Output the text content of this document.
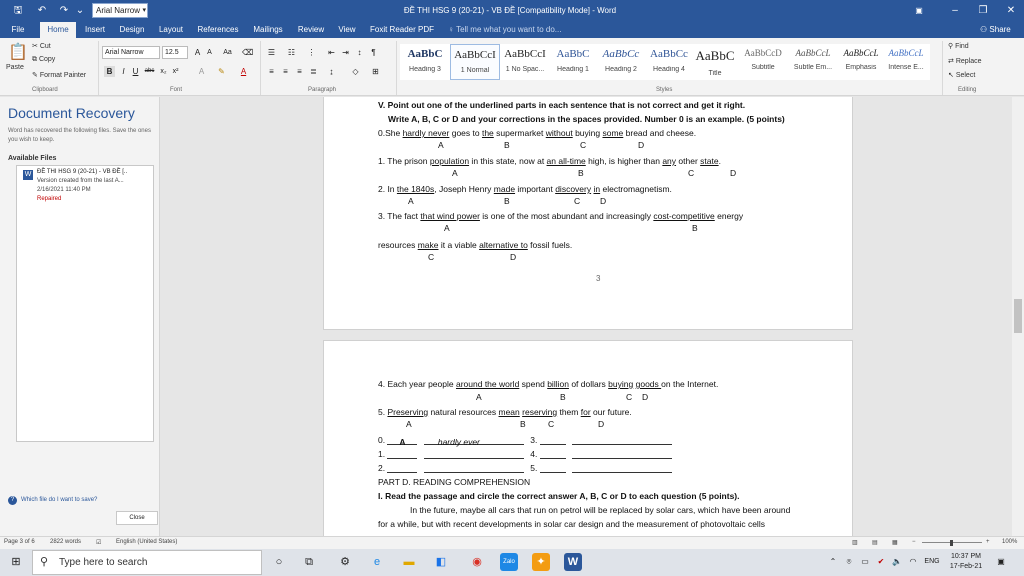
🖫	↶	↷ ⌄	Arial Narrow ▾	ĐỀ THI HSG 9 (20-21) - VB ĐỀ [Compatibility Mode] - Word	▣	–	❐	✕
File	Home	Insert	Design	Layout	References	Mailings	Review	View	Foxit Reader PDF	♀ Tell me what you want to do...	⚇ Share
📋
Paste
✂ Cut
⧉ Copy
✎ Format Painter
Clipboard
Arial Narrow	12.5	A A	Aa ⌫
B	I	U	abc x₂ x²	A	✎	A
Font
☰ ☷ ⋮ ⇤ ⇥	↕	¶
≡	≡	≡	≣	↨	◇	⊞
Paragraph
AaBbC
Heading 3
AaBbCcI
1 Normal
AaBbCcI
1 No Spac...
AaBbC
Heading 1
AaBbCc
Heading 2
AaBbCc
Heading 4
AaBbC
Title
AaBbCcD
Subtitle
AaBbCcL
Subtle Em...
AaBbCcL
Emphasis
AaBbCcL
Intense E...
Styles
⚲ Find
⇄ Replace
↖ Select
Editing
Document Recovery
Word has recovered the following files. Save the ones you wish to keep.
Available Files
W ĐỀ THI HSG 9 (20-21) - VB ĐỀ [..
Version created from the last A...
2/16/2021 11:40 PM
Repaired
? Which file do I want to save?
Close
V. Point out one of the underlined parts in each sentence that is not correct and get it right.
Write A, B, C or D and your corrections in the spaces provided. Number 0 is an example. (5 points)
0.She hardly never goes to the supermarket without buying some bread and cheese.
A	B	C	D
1. The prison population in this state, now at an all-time high, is higher than any other state.
A	B	C	D
2. In the 1840s, Joseph Henry made important discovery in electromagnetism.
A	B	C D
3. The fact that wind power is one of the most abundant and increasingly cost-competitive energy
A	B
resources make it a viable alternative to fossil fuels.
C	D
3
4. Each year people around the world spend billion of dollars buying goods on the Internet.
A	B	C D
5. Preserving natural resources mean reserving them for our future.
A	B	C	D
0. A	hardly ever	3.
1.	4.
2.	5.
PART D. READING COMPREHENSION
I. Read the passage and circle the correct answer A, B, C or D to each question (5 points).
In the future, maybe all cars that run on petrol will be replaced by solar cars, which have been around
for a while, but with recent developments in solar car design and the measurement of photovoltaic cells
Page 3 of 6	2822 words ☑ English (United States)	▥ ▤ ▦ −	+ 100%
⊞	⚲ Type here to search	○	⧉	⚙	e	▬	◧	◉	Zalo	✦	W	⌃	⌾	▭	✔ 🔈 ◠	ENG
10:37 PM
17-Feb-21
▣
